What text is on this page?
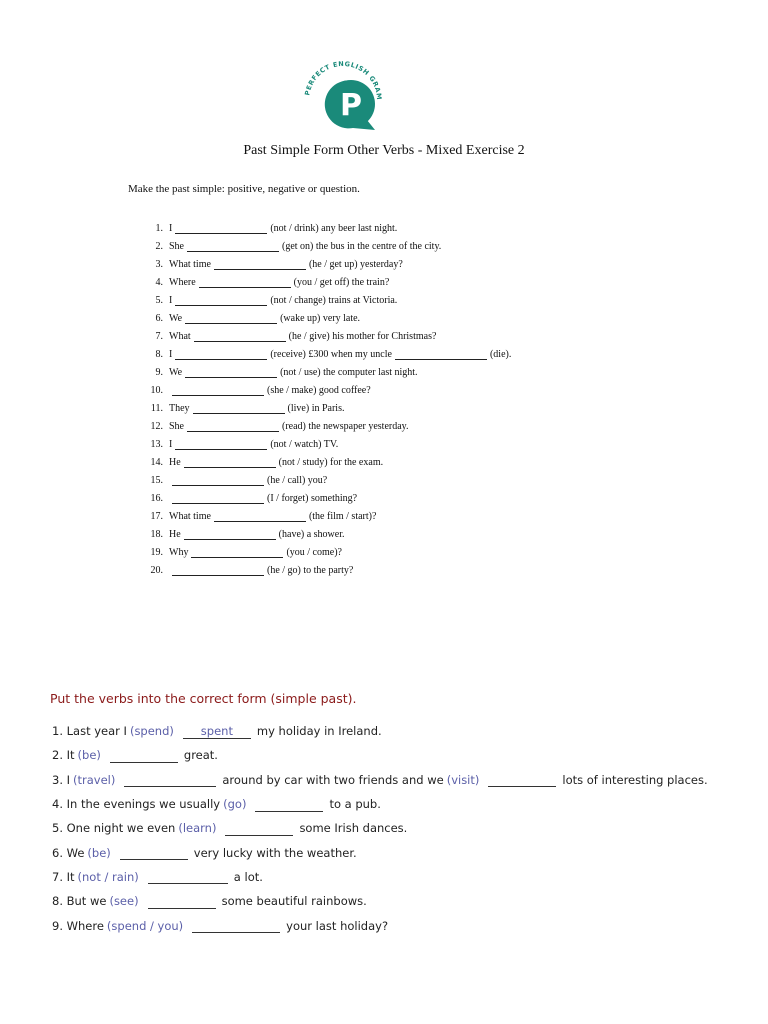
PERFECT ENGLISH GRAM
P
Past Simple Form Other Verbs - Mixed Exercise 2

Make the past simple: positive, negative or question.

1. I	(not / drink) any beer last night.
2. She	(get on) the bus in the centre of the city.
3. What time	(he / get up) yesterday?
4. Where	(you / get off) the train?
5. I	(not / change) trains at Victoria.
6. We	(wake up) very late.
7. What	(he / give) his mother for Christmas?
8. I	(receive) £300 when my uncle	(die).
9. We	(not / use) the computer last night.
10.	(she / make) good coffee?
11. They	(live) in Paris.
12. She	(read) the newspaper yesterday.
13. I	(not / watch) TV.
14. He	(not / study) for the exam.
15.	(he / call) you?
16.	(I / forget) something?
17. What time	(the film / start)?
18. He	(have) a shower.
19. Why	(you / come)?
20.	(he / go) to the party?
Put the verbs into the correct form (simple past).
1. Last year I (spend)	spent	my holiday in Ireland.
2. It (be)	great.
3. I (travel)	around by car with two friends and we (visit)	lots of interesting places.
4. In the evenings we usually (go)	to a pub.
5. One night we even (learn)	some Irish dances.
6. We (be)	very lucky with the weather.
7. It (not / rain)	a lot.
8. But we (see)	some beautiful rainbows.
9. Where (spend / you)	your last holiday?
